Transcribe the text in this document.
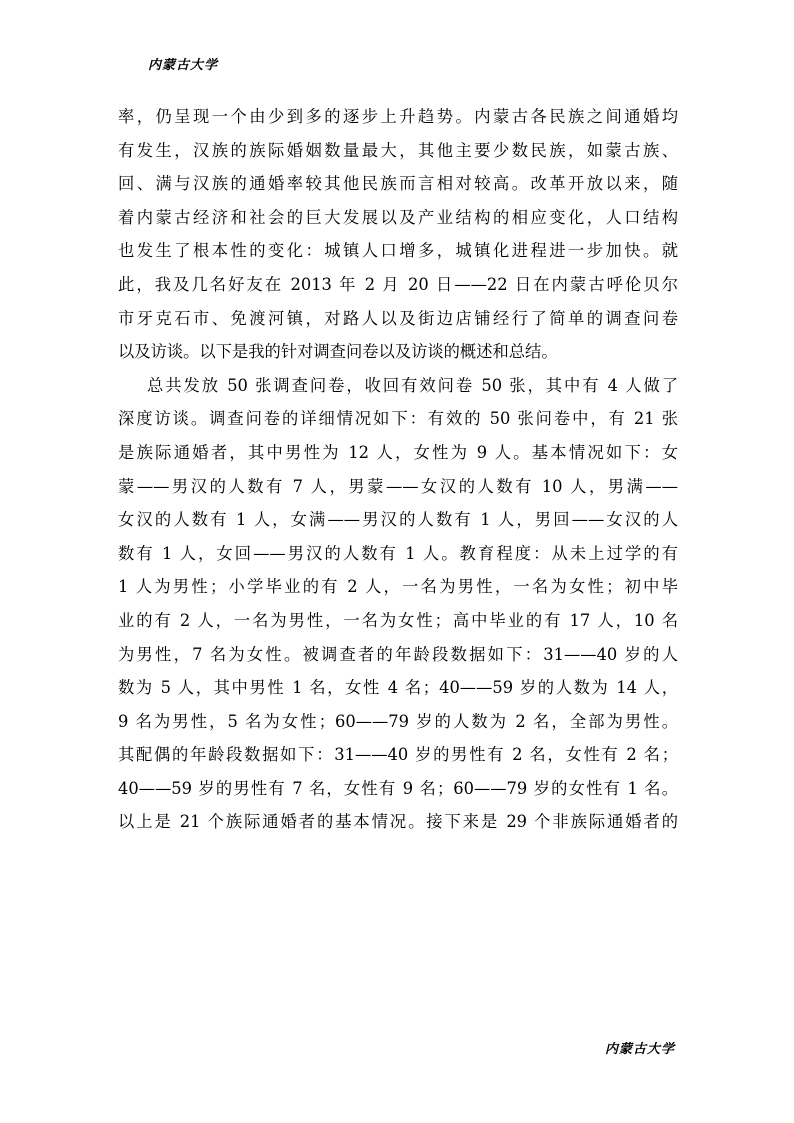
内蒙古大学
率，仍呈现一个由少到多的逐步上升趋势。内蒙古各民族之间通婚均
有发生，汉族的族际婚姻数量最大，其他主要少数民族，如蒙古族、
回、满与汉族的通婚率较其他民族而言相对较高。改革开放以来，随
着内蒙古经济和社会的巨大发展以及产业结构的相应变化，人口结构
也发生了根本性的变化：城镇人口增多，城镇化进程进一步加快。就
此，我及几名好友在 2013 年 2 月 20 日——22 日在内蒙古呼伦贝尔
市牙克石市、免渡河镇，对路人以及街边店铺经行了简单的调查问卷
以及访谈。以下是我的针对调查问卷以及访谈的概述和总结。
总共发放 50 张调查问卷，收回有效问卷 50 张，其中有 4 人做了
深度访谈。调查问卷的详细情况如下：有效的 50 张问卷中，有 21 张
是族际通婚者，其中男性为 12 人，女性为 9 人。基本情况如下：女
蒙——男汉的人数有 7 人，男蒙——女汉的人数有 10 人，男满——
女汉的人数有 1 人，女满——男汉的人数有 1 人，男回——女汉的人
数有 1 人，女回——男汉的人数有 1 人。教育程度：从未上过学的有
1 人为男性；小学毕业的有 2 人，一名为男性，一名为女性；初中毕
业的有 2 人，一名为男性，一名为女性；高中毕业的有 17 人，10 名
为男性，7 名为女性。被调查者的年龄段数据如下：31——40 岁的人
数为 5 人，其中男性 1 名，女性 4 名；40——59 岁的人数为 14 人，
9 名为男性，5 名为女性；60——79 岁的人数为 2 名，全部为男性。
其配偶的年龄段数据如下：31——40 岁的男性有 2 名，女性有 2 名；
40——59 岁的男性有 7 名，女性有 9 名；60——79 岁的女性有 1 名。
以上是 21 个族际通婚者的基本情况。接下来是 29 个非族际通婚者的
内蒙古大学
